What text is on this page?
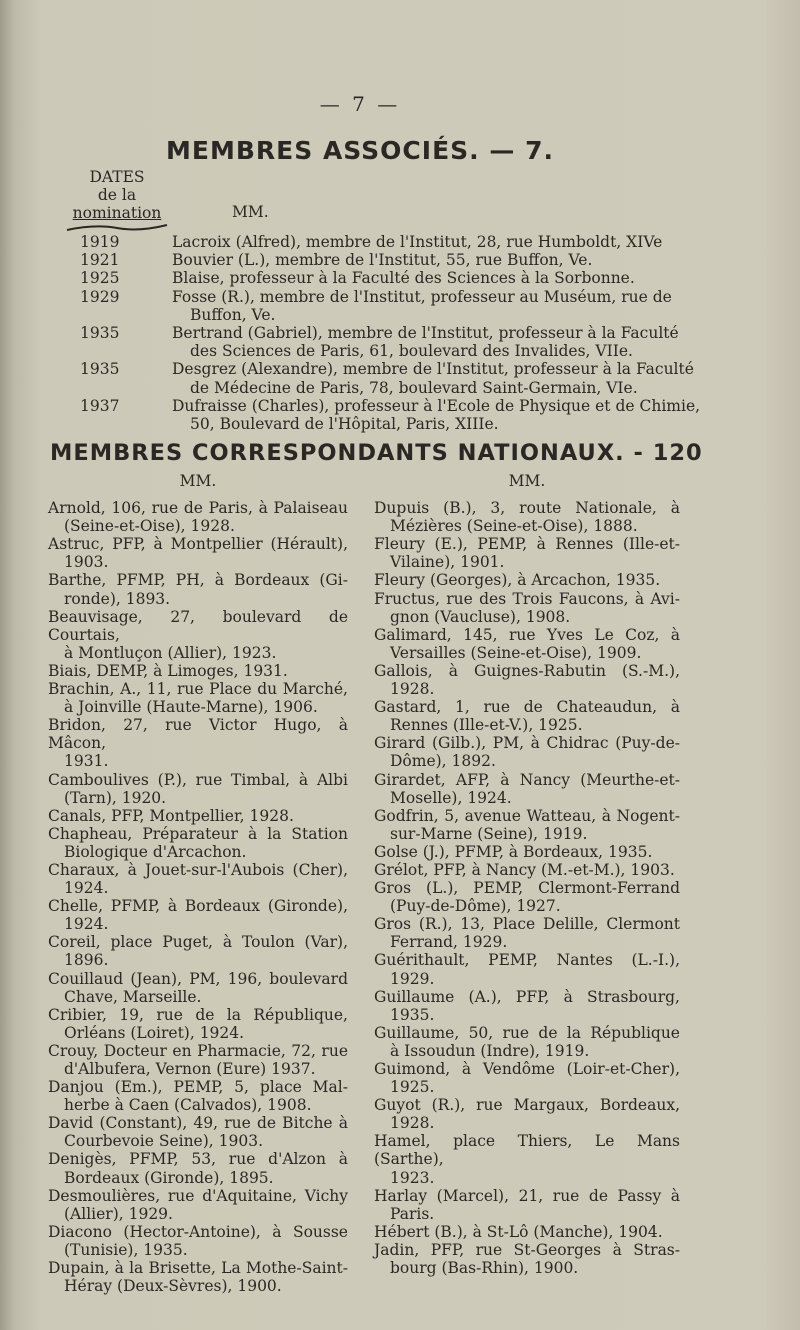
— 7 —
MEMBRES ASSOCIÉS. — 7.
DATES
de la
nomination	MM.
1919	Lacroix (Alfred), membre de l'Institut, 28, rue Humboldt, XIVe
1921	Bouvier (L.), membre de l'Institut, 55, rue Buffon, Ve.
1925	Blaise, professeur à la Faculté des Sciences à la Sorbonne.
1929	Fosse (R.), membre de l'Institut, professeur au Muséum, rue de
Buffon, Ve.
1935	Bertrand (Gabriel), membre de l'Institut, professeur à la Faculté
des Sciences de Paris, 61, boulevard des Invalides, VIIe.
1935	Desgrez (Alexandre), membre de l'Institut, professeur à la Faculté
de Médecine de Paris, 78, boulevard Saint-Germain, VIe.
1937	Dufraisse (Charles), professeur à l'Ecole de Physique et de Chimie,
50, Boulevard de l'Hôpital, Paris, XIIIe.
MEMBRES CORRESPONDANTS NATIONAUX. - 120
MM.
Arnold, 106, rue de Paris, à Palaiseau
(Seine-et-Oise), 1928.
Astruc, PFP, à Montpellier (Hérault),
1903.
Barthe, PFMP, PH, à Bordeaux (Gi-
ronde), 1893.
Beauvisage, 27, boulevard de Courtais,
à Montluçon (Allier), 1923.
Biais, DEMP, à Limoges, 1931.
Brachin, A., 11, rue Place du Marché,
à Joinville (Haute-Marne), 1906.
Bridon, 27, rue Victor Hugo, à Mâcon,
1931.
Camboulives (P.), rue Timbal, à Albi
(Tarn), 1920.
Canals, PFP, Montpellier, 1928.
Chapheau, Préparateur à la Station
Biologique d'Arcachon.
Charaux, à Jouet-sur-l'Aubois (Cher),
1924.
Chelle, PFMP, à Bordeaux (Gironde),
1924.
Coreil, place Puget, à Toulon (Var),
1896.
Couillaud (Jean), PM, 196, boulevard
Chave, Marseille.
Cribier, 19, rue de la République,
Orléans (Loiret), 1924.
Crouy, Docteur en Pharmacie, 72, rue
d'Albufera, Vernon (Eure) 1937.
Danjou (Em.), PEMP, 5, place Mal-
herbe à Caen (Calvados), 1908.
David (Constant), 49, rue de Bitche à
Courbevoie Seine), 1903.
Denigès, PFMP, 53, rue d'Alzon à
Bordeaux (Gironde), 1895.
Desmoulières, rue d'Aquitaine, Vichy
(Allier), 1929.
Diacono (Hector-Antoine), à Sousse
(Tunisie), 1935.
Dupain, à la Brisette, La Mothe-Saint-
Héray (Deux-Sèvres), 1900.
MM.
Dupuis (B.), 3, route Nationale, à
Mézières (Seine-et-Oise), 1888.
Fleury (E.), PEMP, à Rennes (Ille-et-
Vilaine), 1901.
Fleury (Georges), à Arcachon, 1935.
Fructus, rue des Trois Faucons, à Avi-
gnon (Vaucluse), 1908.
Galimard, 145, rue Yves Le Coz, à
Versailles (Seine-et-Oise), 1909.
Gallois, à Guignes-Rabutin (S.-M.),
1928.
Gastard, 1, rue de Chateaudun, à
Rennes (Ille-et-V.), 1925.
Girard (Gilb.), PM, à Chidrac (Puy-de-
Dôme), 1892.
Girardet, AFP, à Nancy (Meurthe-et-
Moselle), 1924.
Godfrin, 5, avenue Watteau, à Nogent-
sur-Marne (Seine), 1919.
Golse (J.), PFMP, à Bordeaux, 1935.
Grélot, PFP, à Nancy (M.-et-M.), 1903.
Gros (L.), PEMP, Clermont-Ferrand
(Puy-de-Dôme), 1927.
Gros (R.), 13, Place Delille, Clermont
Ferrand, 1929.
Guérithault, PEMP, Nantes (L.-I.),
1929.
Guillaume (A.), PFP, à Strasbourg,
1935.
Guillaume, 50, rue de la République
à Issoudun (Indre), 1919.
Guimond, à Vendôme (Loir-et-Cher),
1925.
Guyot (R.), rue Margaux, Bordeaux,
1928.
Hamel, place Thiers, Le Mans (Sarthe),
1923.
Harlay (Marcel), 21, rue de Passy à
Paris.
Hébert (B.), à St-Lô (Manche), 1904.
Jadin, PFP, rue St-Georges à Stras-
bourg (Bas-Rhin), 1900.
